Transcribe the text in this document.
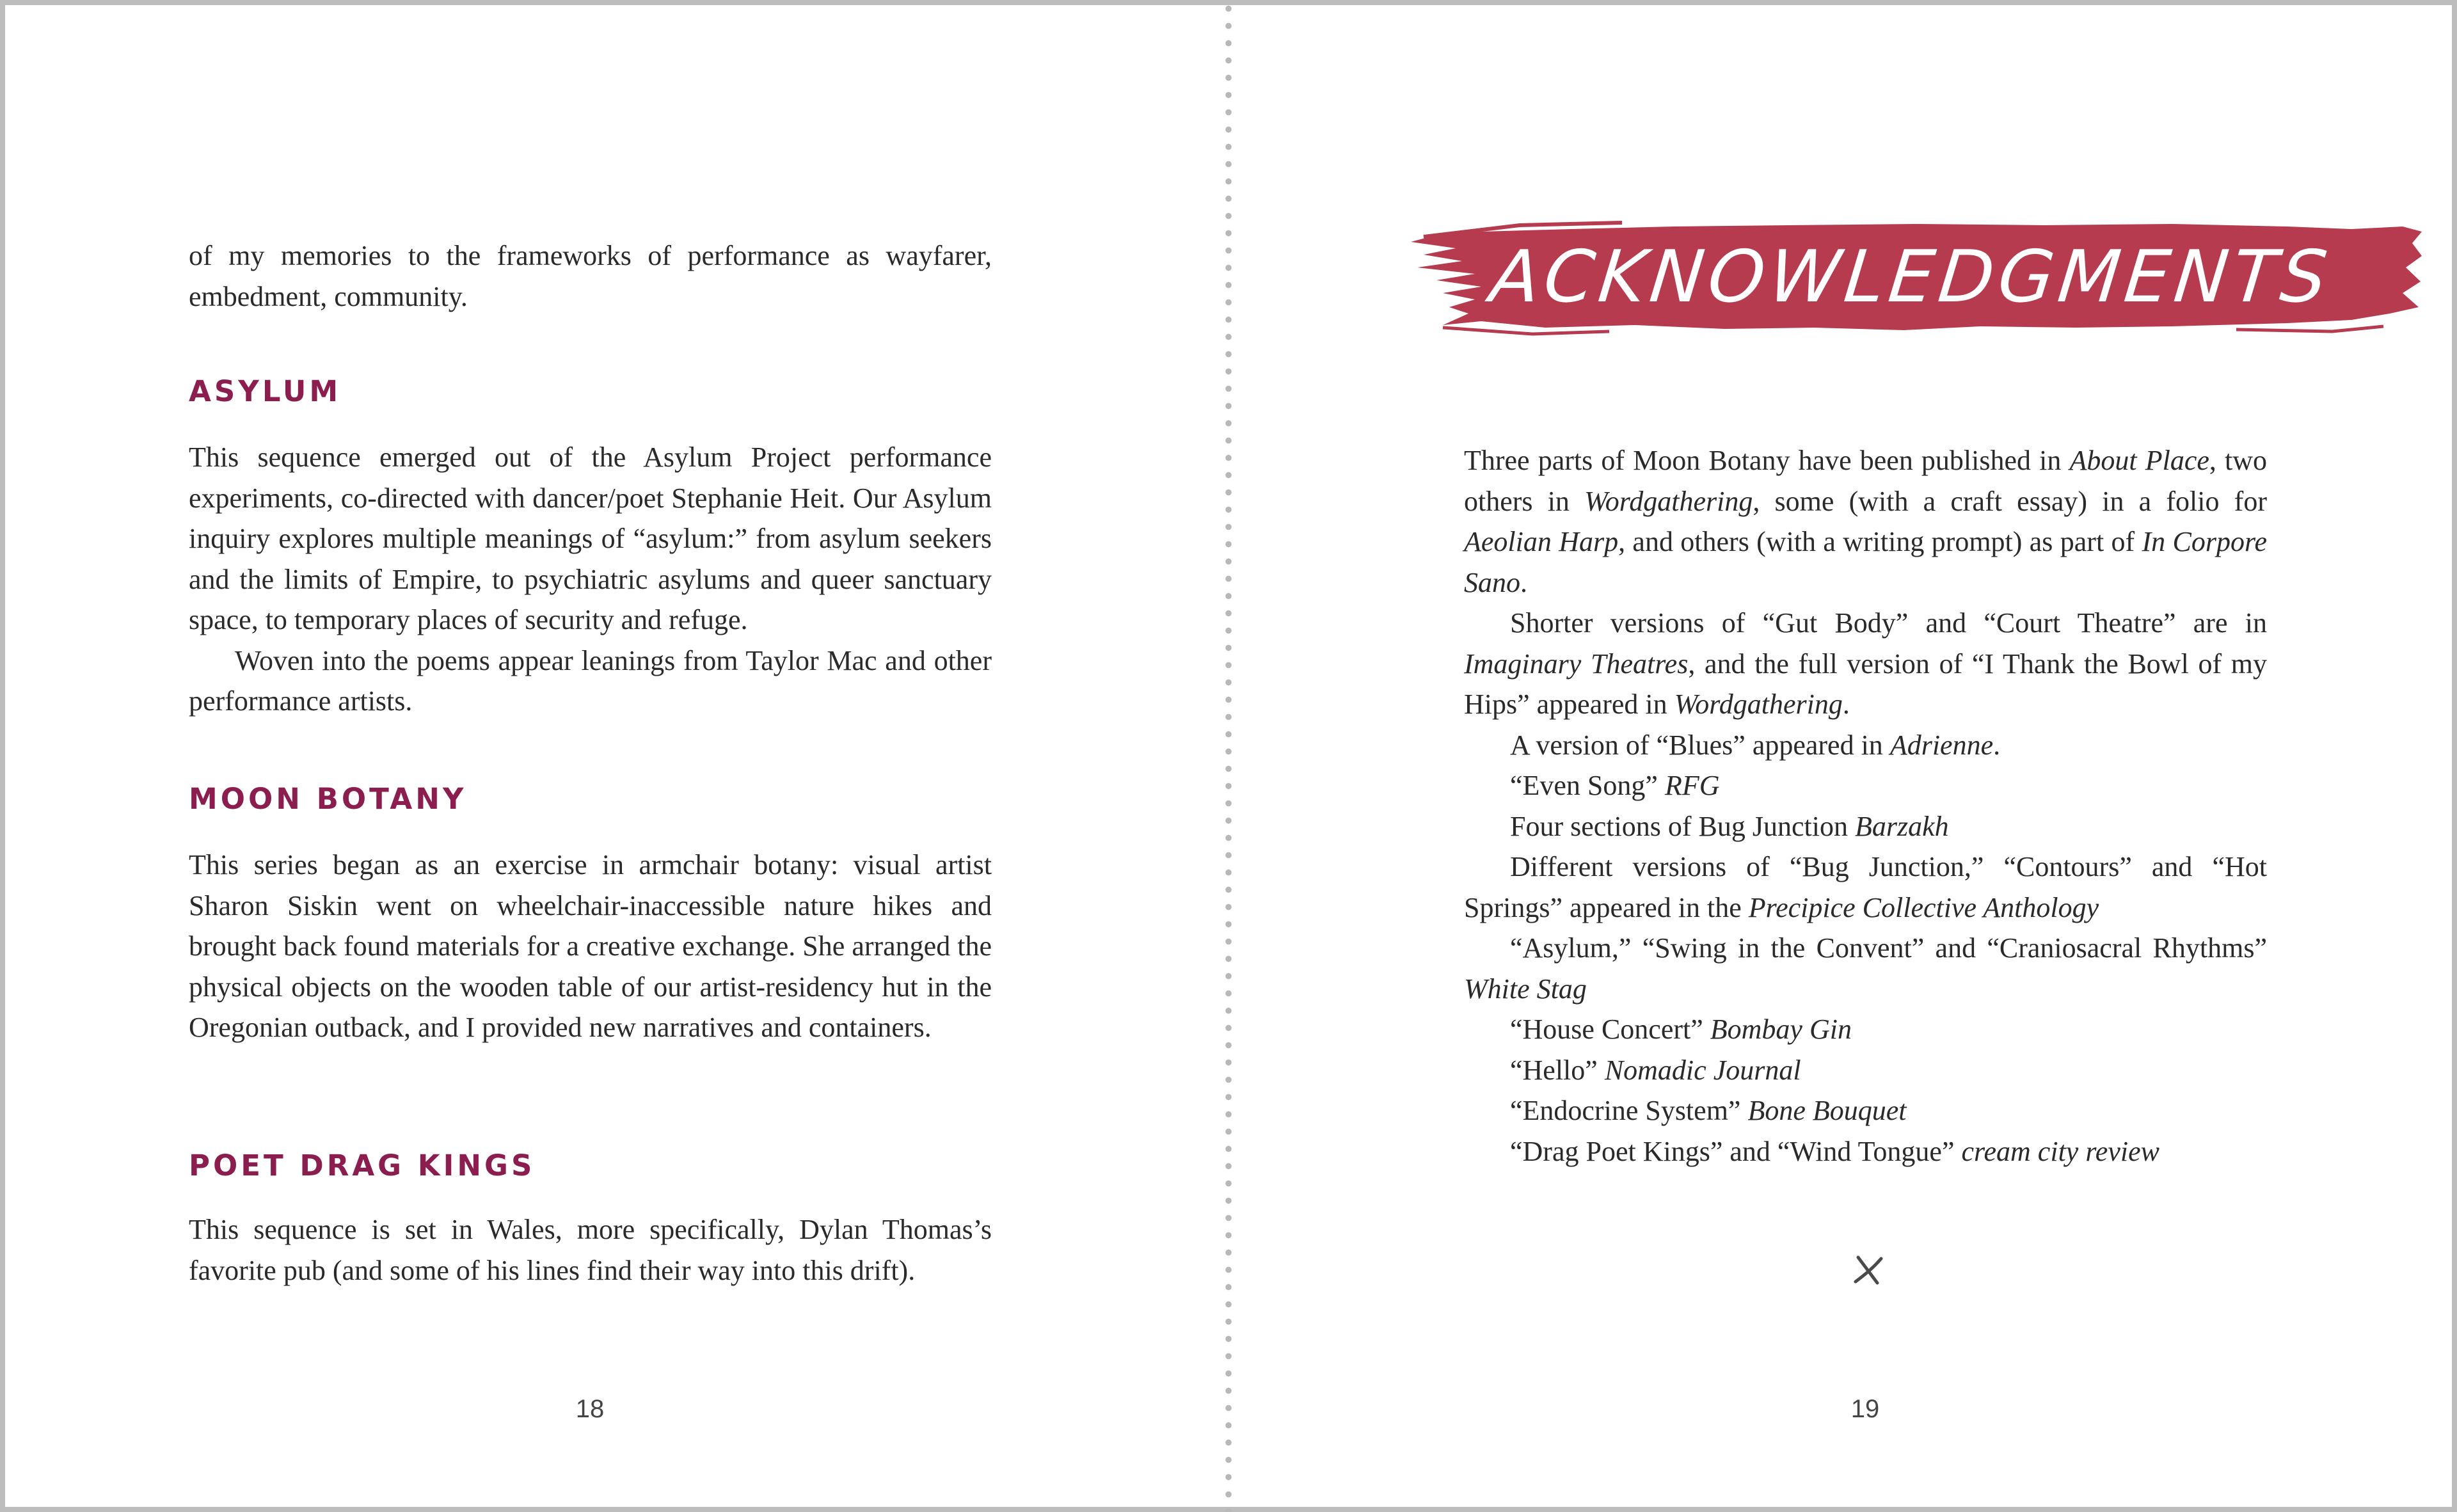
of my memories to the frameworks of performance as wayfarer, embedment, community.

ASYLUM

This sequence emerged out of the Asylum Project performance experiments, co-directed with dancer/poet Stephanie Heit. Our Asylum inquiry explores multiple meanings of “asylum:” from asylum seekers and the limits of Empire, to psychiatric asylums and queer sanctuary space, to temporary places of security and refuge.

Woven into the poems appear leanings from Taylor Mac and other performance artists.

MOON BOTANY

This series began as an exercise in armchair botany: visual artist Sharon Siskin went on wheelchair-inaccessible nature hikes and brought back found materials for a creative exchange. She arranged the physical objects on the wooden table of our artist-residency hut in the Oregonian outback, and I provided new narratives and containers.

POET DRAG KINGS

This sequence is set in Wales, more specifically, Dylan Thomas’s favorite pub (and some of his lines find their way into this drift).

18
ACKNOWLEDGMENTS

Three parts of Moon Botany have been published in About Place, two others in Wordgathering, some (with a craft essay) in a folio for Aeolian Harp, and others (with a writing prompt) as part of In Corpore Sano.

Shorter versions of “Gut Body” and “Court Theatre” are in Imaginary Theatres, and the full version of “I Thank the Bowl of my Hips” appeared in Wordgathering.

A version of “Blues” appeared in Adrienne.

“Even Song” RFG

Four sections of Bug Junction Barzakh

Different versions of “Bug Junction,” “Contours” and “Hot Springs” appeared in the Precipice Collective Anthology

“Asylum,” “Swing in the Convent” and “Craniosacral Rhythms” White Stag

“House Concert” Bombay Gin

“Hello” Nomadic Journal

“Endocrine System” Bone Bouquet

“Drag Poet Kings” and “Wind Tongue” cream city review

19
